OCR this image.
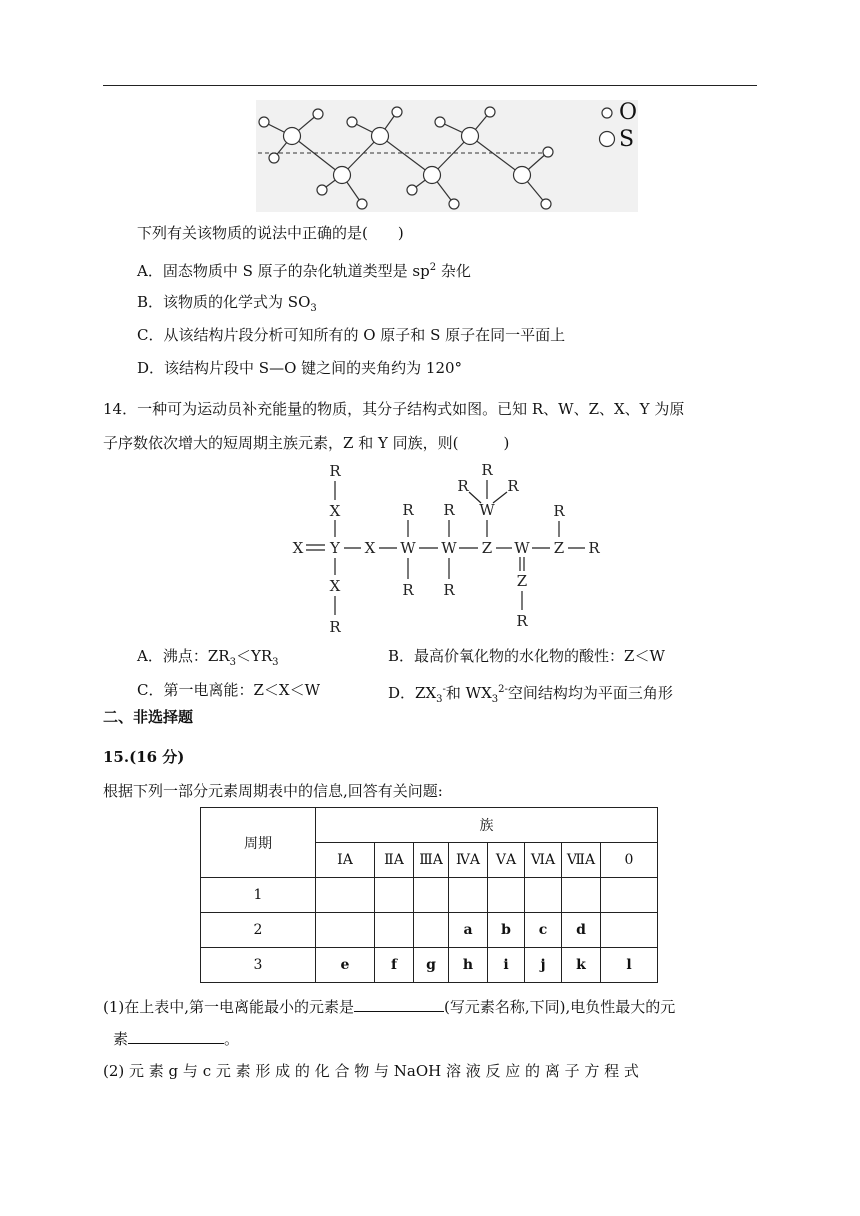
O
S
下列有关该物质的说法中正确的是(　　)
A．固态物质中 S 原子的杂化轨道类型是 $sp^2$ 杂化
B．该物质的化学式为 $SO_3$
C．从该结构片段分析可知所有的 O 原子和 S 原子在同一平面上
D．该结构片段中 S—O 键之间的夹角约为 120°
14．一种可为运动员补充能量的物质，其分子结构式如图。已知 R、W、Z、X、Y 为原
子序数依次增大的短周期主族元素，Z 和 Y 同族，则(　　　)
R
X
Y
X
R
X	X W W Z W Z R
R
R
R
R
W
R
R	R
R
Z
R
A．沸点：$ZR_3<YR_3$	B．最高价氧化物的水化物的酸性：Z＜W
C．第一电离能：Z＜X＜W	D．$ZX_3^-$和 $WX_3^{2-}$空间结构均为平面三角形
二、非选择题
15.(16 分)
根据下列一部分元素周期表中的信息,回答有关问题:
周期	族							
	ⅠA	ⅡA	ⅢA	ⅣA	ⅤA	ⅥA	ⅦA	0
1								
2				a	b	c	d	
3	e	f	g	h	i	j	k	l
(1)在上表中,第一电离能最小的元素是	(写元素名称,下同),电负性最大的元
素	。
(2) 元 素 g 与 c 元 素 形 成 的 化 合 物 与 NaOH 溶 液 反 应 的 离 子 方 程 式
